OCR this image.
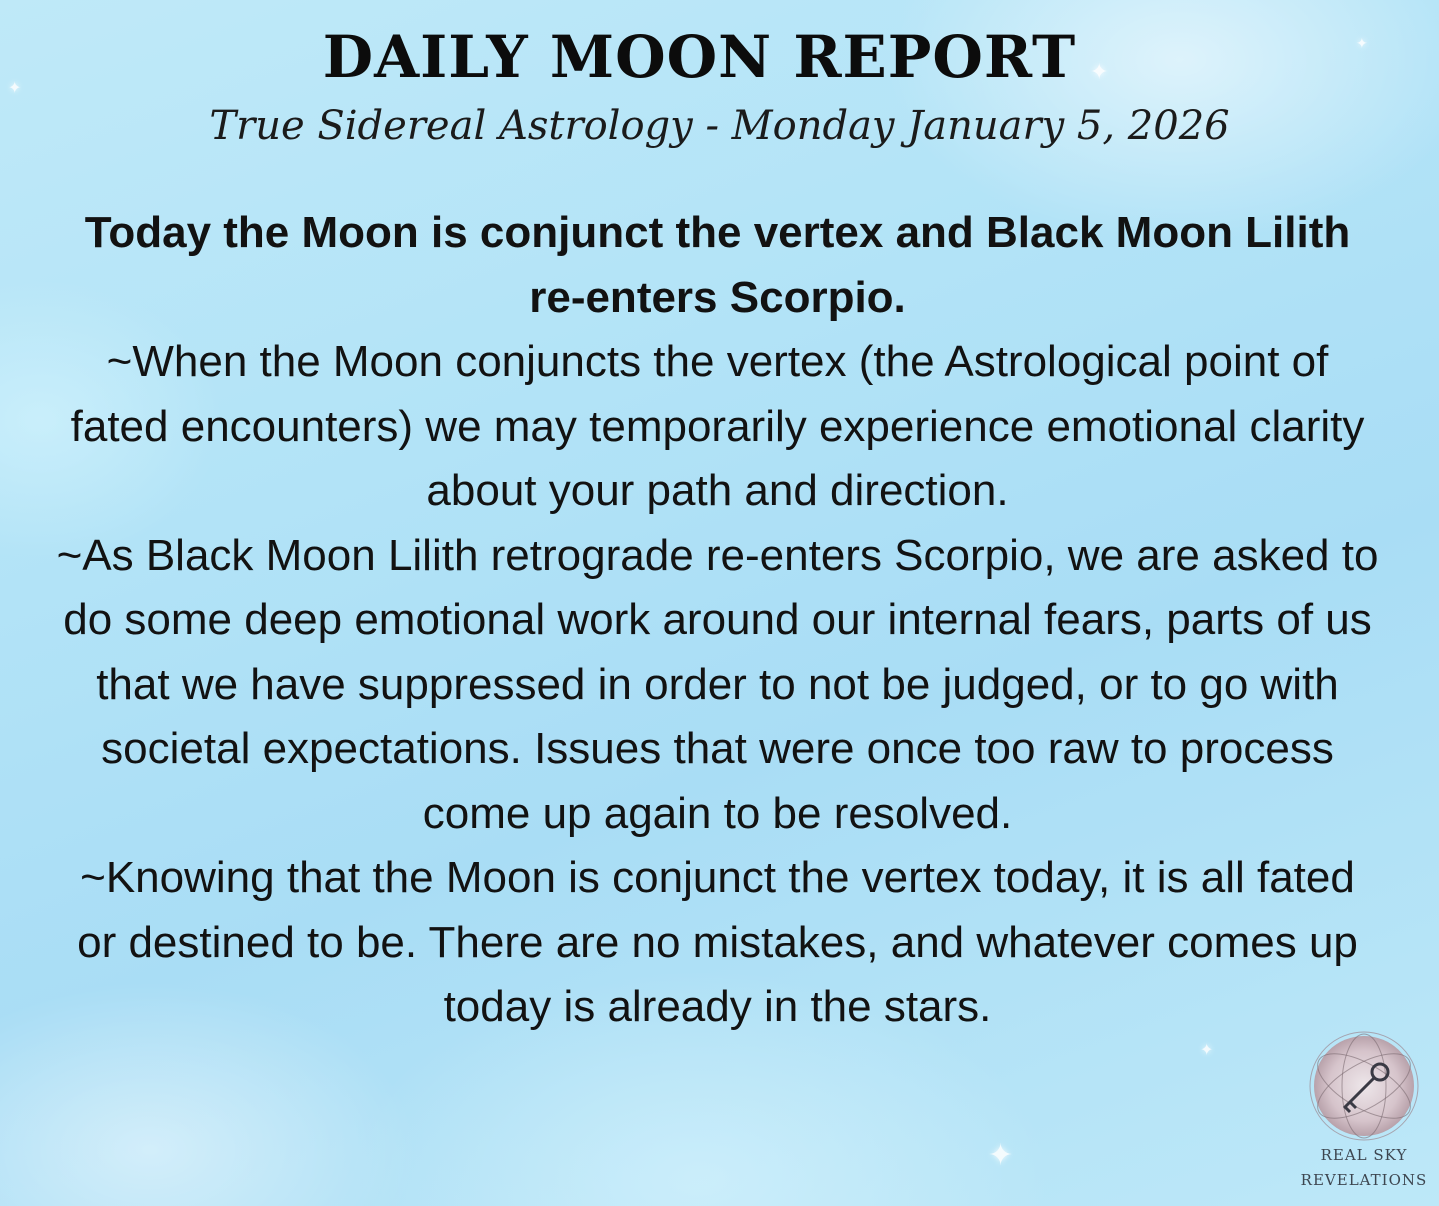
✦
✦
✦
✦
✦
DAILY MOON REPORT
True Sidereal Astrology - Monday January 5, 2026

Today the Moon is conjunct the vertex and Black Moon Lilith re-enters Scorpio.

~When the Moon conjuncts the vertex (the Astrological point of fated encounters) we may temporarily experience emotional clarity about your path and direction.

~As Black Moon Lilith retrograde re-enters Scorpio, we are asked to do some deep emotional work around our internal fears, parts of us that we have suppressed in order to not be judged, or to go with societal expectations. Issues that were once too raw to process come up again to be resolved.

~Knowing that the Moon is conjunct the vertex today, it is all fated or destined to be. There are no mistakes, and whatever comes up today is already in the stars.

REAL SKY
REVELATIONS
